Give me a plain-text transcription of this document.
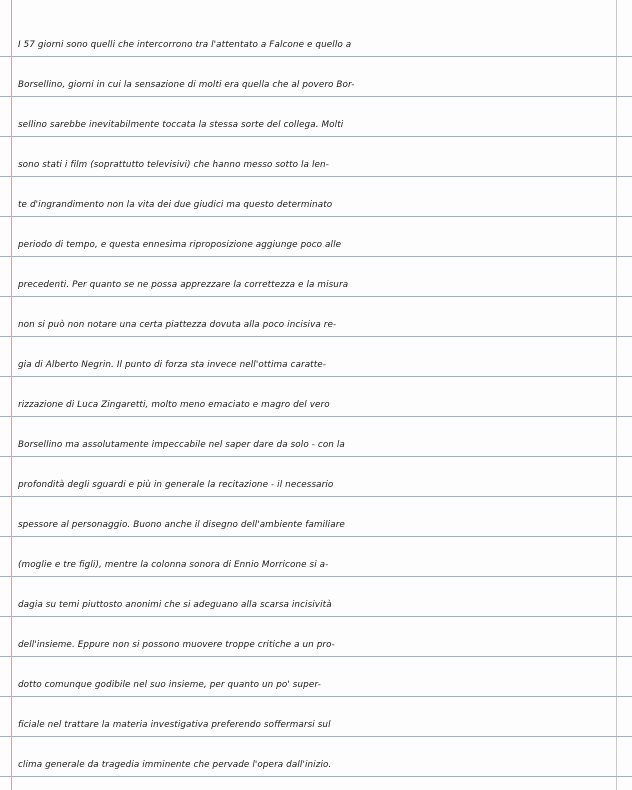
I 57 giorni sono quelli che intercorrono tra l'attentato a Falcone e quello a
Borsellino, giorni in cui la sensazione di molti era quella che al povero Bor-
sellino sarebbe inevitabilmente toccata la stessa sorte del collega. Molti
sono stati i film (soprattutto televisivi) che hanno messo sotto la len-
te d'ingrandimento non la vita dei due giudici ma questo determinato
periodo di tempo, e questa ennesima riproposizione aggiunge poco alle
precedenti. Per quanto se ne possa apprezzare la correttezza e la misura
non si può non notare una certa piattezza dovuta alla poco incisiva re-
gia di Alberto Negrin. Il punto di forza sta invece nell'ottima caratte-
rizzazione di Luca Zingaretti, molto meno emaciato e magro del vero
Borsellino ma assolutamente impeccabile nel saper dare da solo - con la
profondità degli sguardi e più in generale la recitazione - il necessario
spessore al personaggio. Buono anche il disegno dell'ambiente familiare
(moglie e tre figli), mentre la colonna sonora di Ennio Morricone si a-
dagia su temi piuttosto anonimi che si adeguano alla scarsa incisività
dell'insieme. Eppure non si possono muovere troppe critiche a un pro-
dotto comunque godibile nel suo insieme, per quanto un po' super-
ficiale nel trattare la materia investigativa preferendo soffermarsi sul
clima generale da tragedia imminente che pervade l'opera dall'inizio.
